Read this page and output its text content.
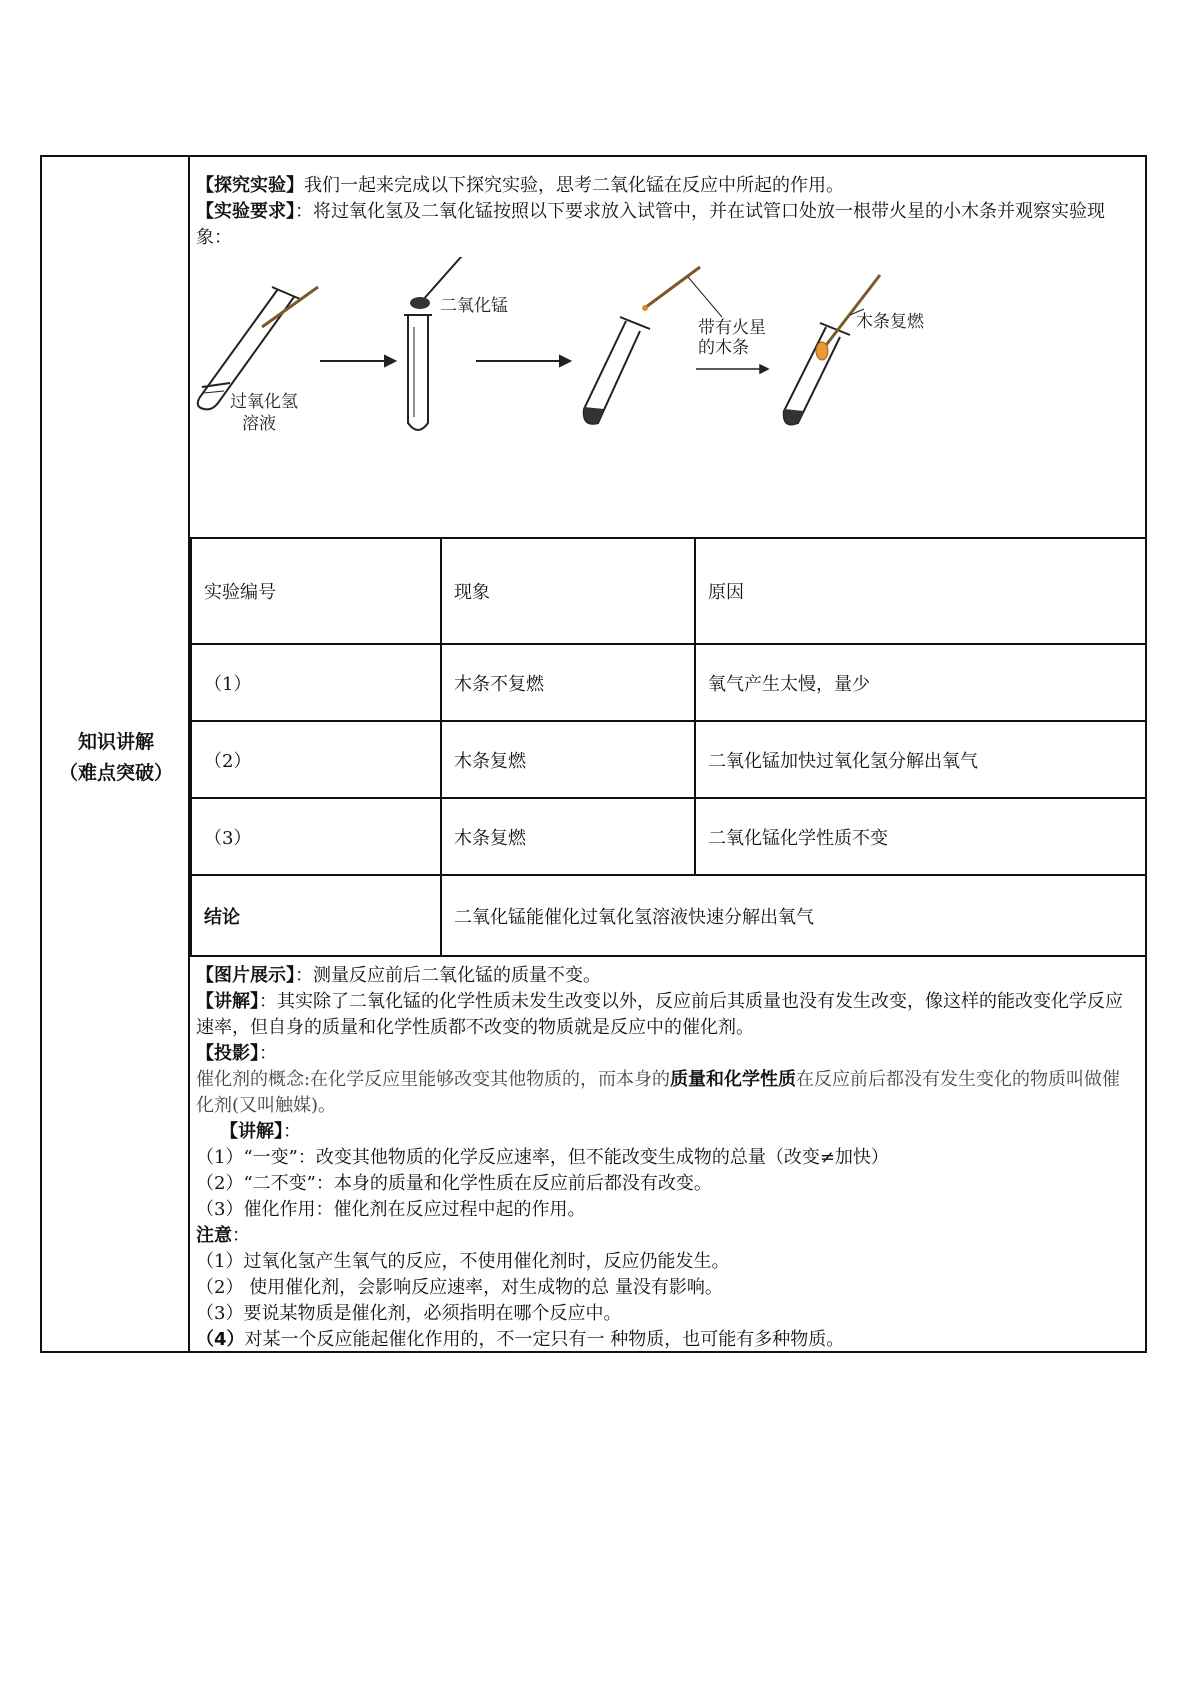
知识讲解
（难点突破）

【探究实验】我们一起来完成以下探究实验，思考二氧化锰在反应中所起的作用。

【实验要求】：将过氧化氢及二氧化锰按照以下要求放入试管中，并在试管口处放一根带火星的小木条并观察实验现象：

过氧化氢
溶液
二氧化锰
带有火星
的木条
木条复燃
实验编号	现象	原因
（1）	木条不复燃	氧气产生太慢，量少
（2）	木条复燃	二氧化锰加快过氧化氢分解出氧气
（3）	木条复燃	二氧化锰化学性质不变
结论	二氧化锰能催化过氧化氢溶液快速分解出氧气	

【图片展示】：测量反应前后二氧化锰的质量不变。

【讲解】：其实除了二氧化锰的化学性质未发生改变以外，反应前后其质量也没有发生改变，像这样的能改变化学反应速率，但自身的质量和化学性质都不改变的物质就是反应中的催化剂。

【投影】：

催化剂的概念:在化学反应里能够改变其他物质的，而本身的质量和化学性质在反应前后都没有发生变化的物质叫做催化剂(又叫触媒)。

【讲解】：

（1）“一变”：改变其他物质的化学反应速率，但不能改变生成物的总量（改变≠加快）

（2）“二不变”：本身的质量和化学性质在反应前后都没有改变。

（3）催化作用：催化剂在反应过程中起的作用。

注意：

（1）过氧化氢产生氧气的反应，不使用催化剂时，反应仍能发生。

（2） 使用催化剂，会影响反应速率，对生成物的总 量没有影响。

（3）要说某物质是催化剂，必须指明在哪个反应中。

（4）对某一个反应能起催化作用的，不一定只有一 种物质，也可能有多种物质。
